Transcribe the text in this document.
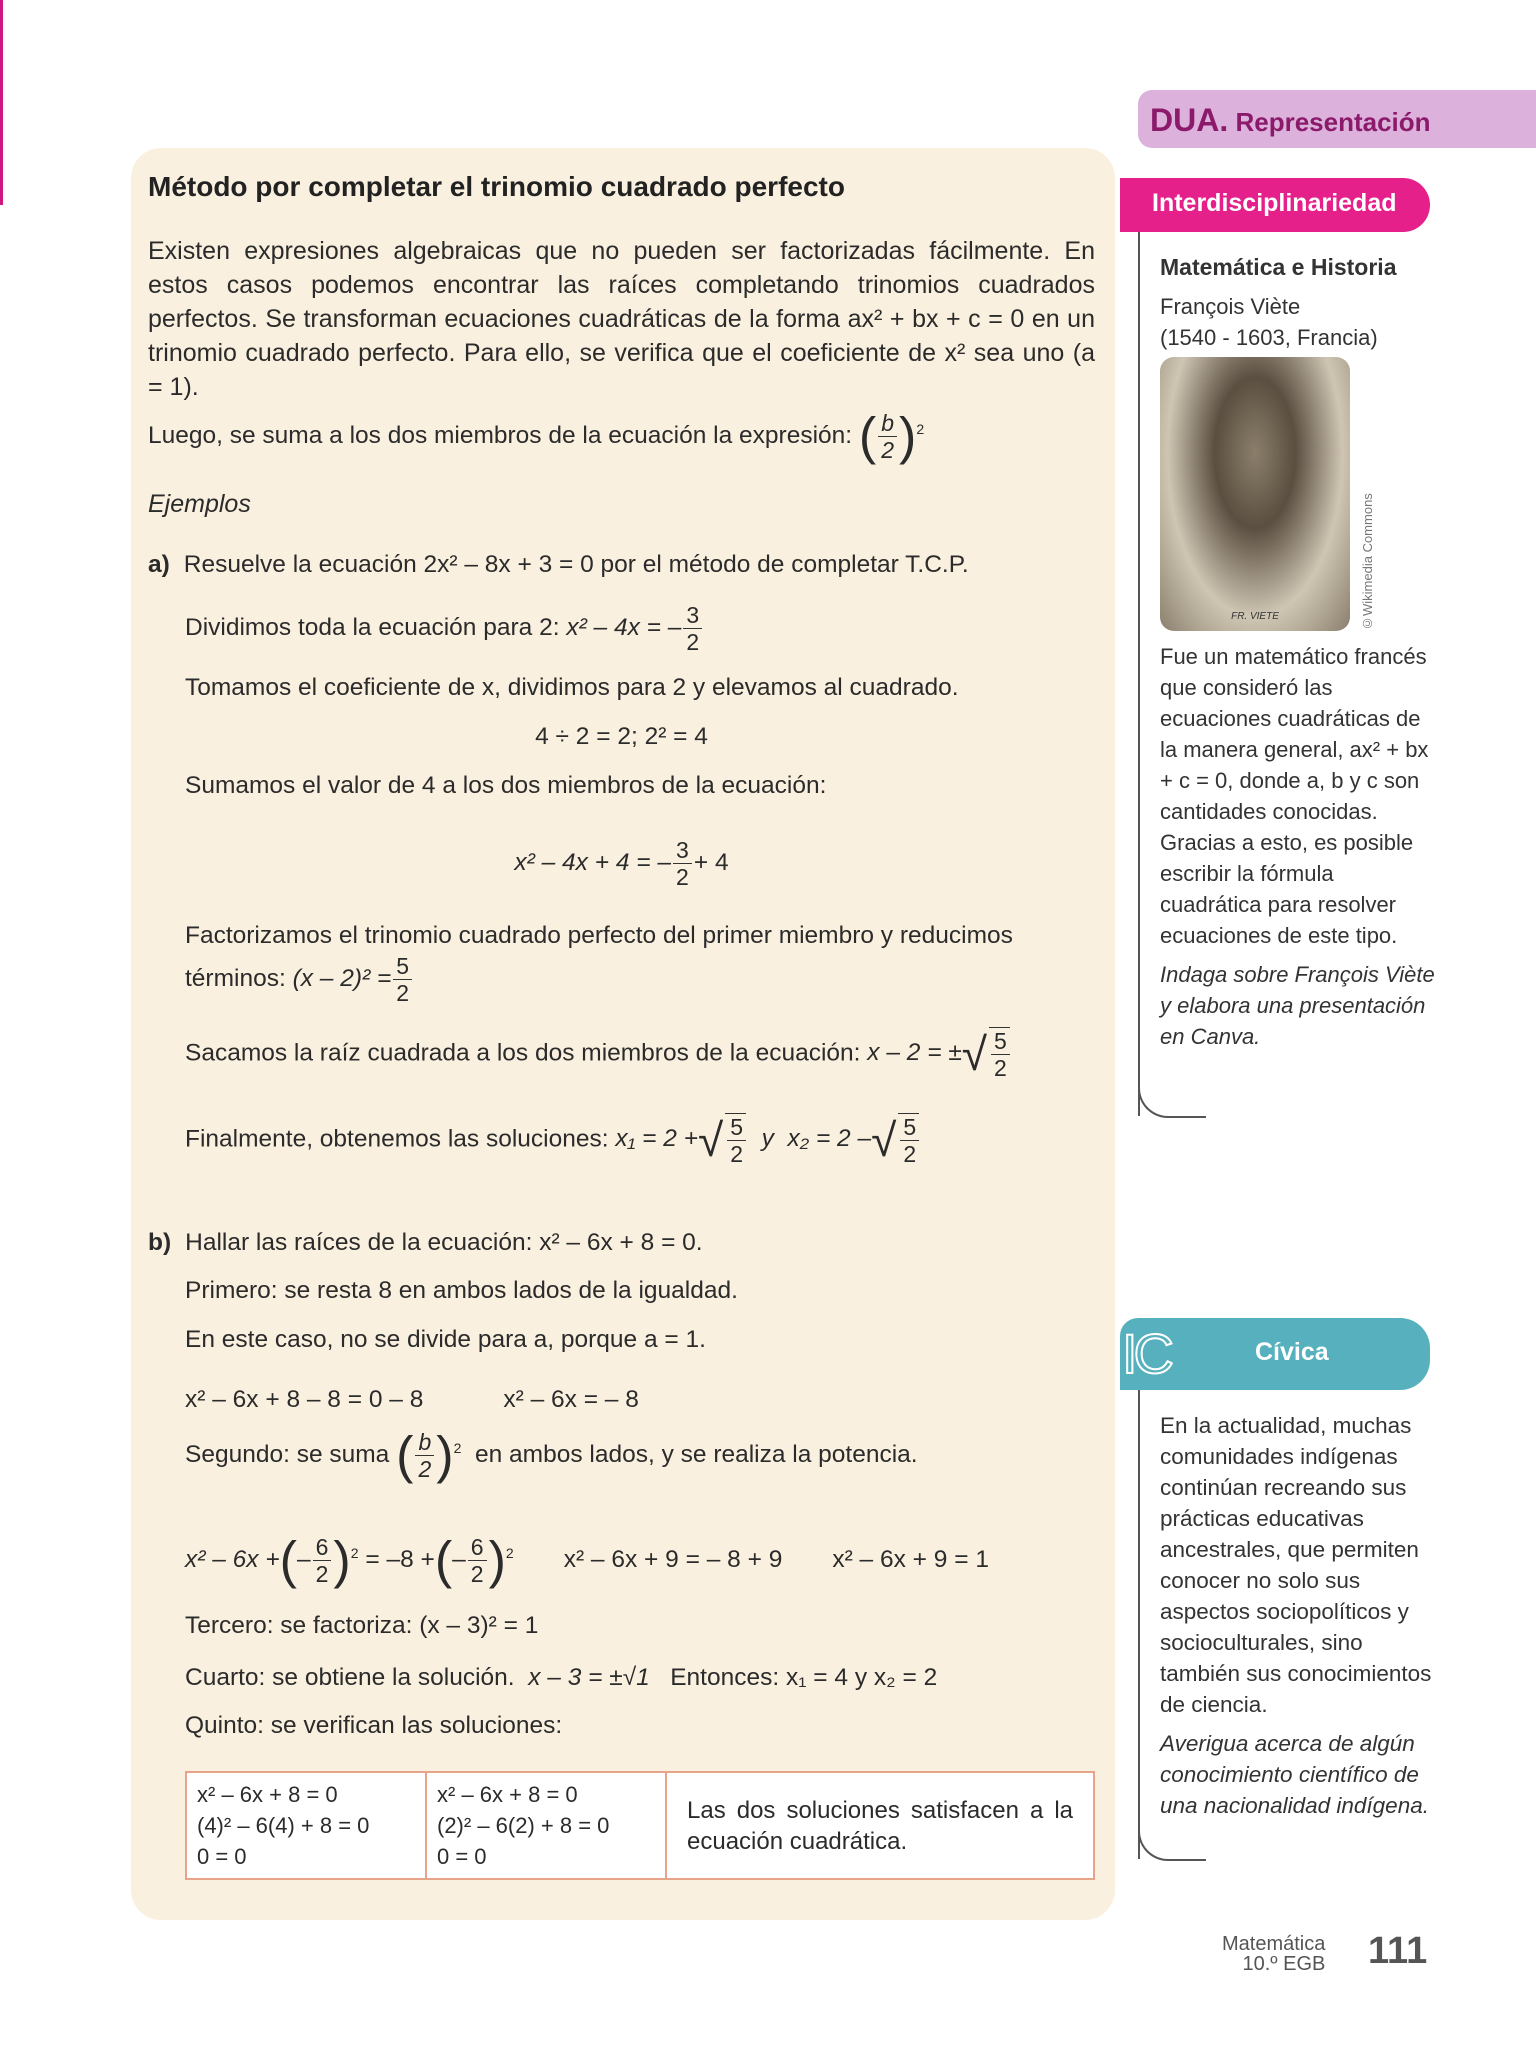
Método por completar el trinomio cuadrado perfecto
Existen expresiones algebraicas que no pueden ser factorizadas fácilmente. En estos casos podemos encontrar las raíces completando trinomios cuadrados perfectos. Se transforman ecuaciones cuadráticas de la forma ax² + bx + c = 0 en un trinomio cuadrado perfecto. Para ello, se verifica que el coeficiente de x² sea uno (a = 1).
Luego, se suma a los dos miembros de la ecuación la expresión: ( $\frac{b}{2} )^2$
Ejemplos
a) Resuelve la ecuación 2x² – 8x + 3 = 0 por el método de completar T.C.P.
Dividimos toda la ecuación para 2: x² – 4x = – $\frac{3}{2}$
Tomamos el coeficiente de x, dividimos para 2 y elevamos al cuadrado.
4 ÷ 2 = 2; 2² = 4
Sumamos el valor de 4 a los dos miembros de la ecuación:
x² – 4x + 4 = – $\frac{3}{2} + 4$
Factorizamos el trinomio cuadrado perfecto del primer miembro y reducimos
términos: $(x - 2)^2 = \frac{5}{2}$
Sacamos la raíz cuadrada a los dos miembros de la ecuación: x – 2 = ± √ $\frac{5}{2}$
Finalmente, obtenemos las soluciones: x₁ = 2 + √ $\frac{5}{2}$ y x₂ = 2 – √ $\frac{5}{2}$
b) Hallar las raíces de la ecuación: x² – 6x + 8 = 0.
Primero: se resta 8 en ambos lados de la igualdad.
En este caso, no se divide para a, porque a = 1.
x² – 6x + 8 – 8 = 0 – 8	x² – 6x = – 8
Segundo: se suma ( $\frac{b}{2} )^2$ en ambos lados, y se realiza la potencia.
x² – 6x +(– $\frac{6}{2} )^2 = -8$ +(– $\frac{6}{2} )^2$ x² – 6x + 9 = – 8 + 9 x² – 6x + 9 = 1
Tercero: se factoriza: (x – 3)² = 1
Cuarto: se obtiene la solución. x – 3 = ±√1 Entonces: x₁ = 4 y x₂ = 2
Quinto: se verifican las soluciones:
x² – 6x + 8 = 0
(4)² – 6(4) + 8 = 0
0 = 0

x² – 6x + 8 = 0
(2)² – 6(2) + 8 = 0
0 = 0
	Las dos soluciones satisfacen a la ecuación cuadrática.
DUA. Representación
Interdisciplinariedad

Matemática e Historia

François Viète
(1540 - 1603, Francia)
FR. VIETE	©Wikimedia Commons

Fue un matemático francés que consideró las ecuaciones cuadráticas de la manera general, ax² + bx + c = 0, donde a, b y c son cantidades conocidas. Gracias a esto, es posible escribir la fórmula cuadrática para resolver ecuaciones de este tipo.

Indaga sobre François Viète y elabora una presentación en Canva.

IC	Cívica

En la actualidad, muchas comunidades indígenas continúan recreando sus prácticas educativas ancestrales, que permiten conocer no solo sus aspectos sociopolíticos y socioculturales, sino también sus conocimientos de ciencia.

Averigua acerca de algún conocimiento científico de una nacionalidad indígena.

Matemática
10.º EGB 111
